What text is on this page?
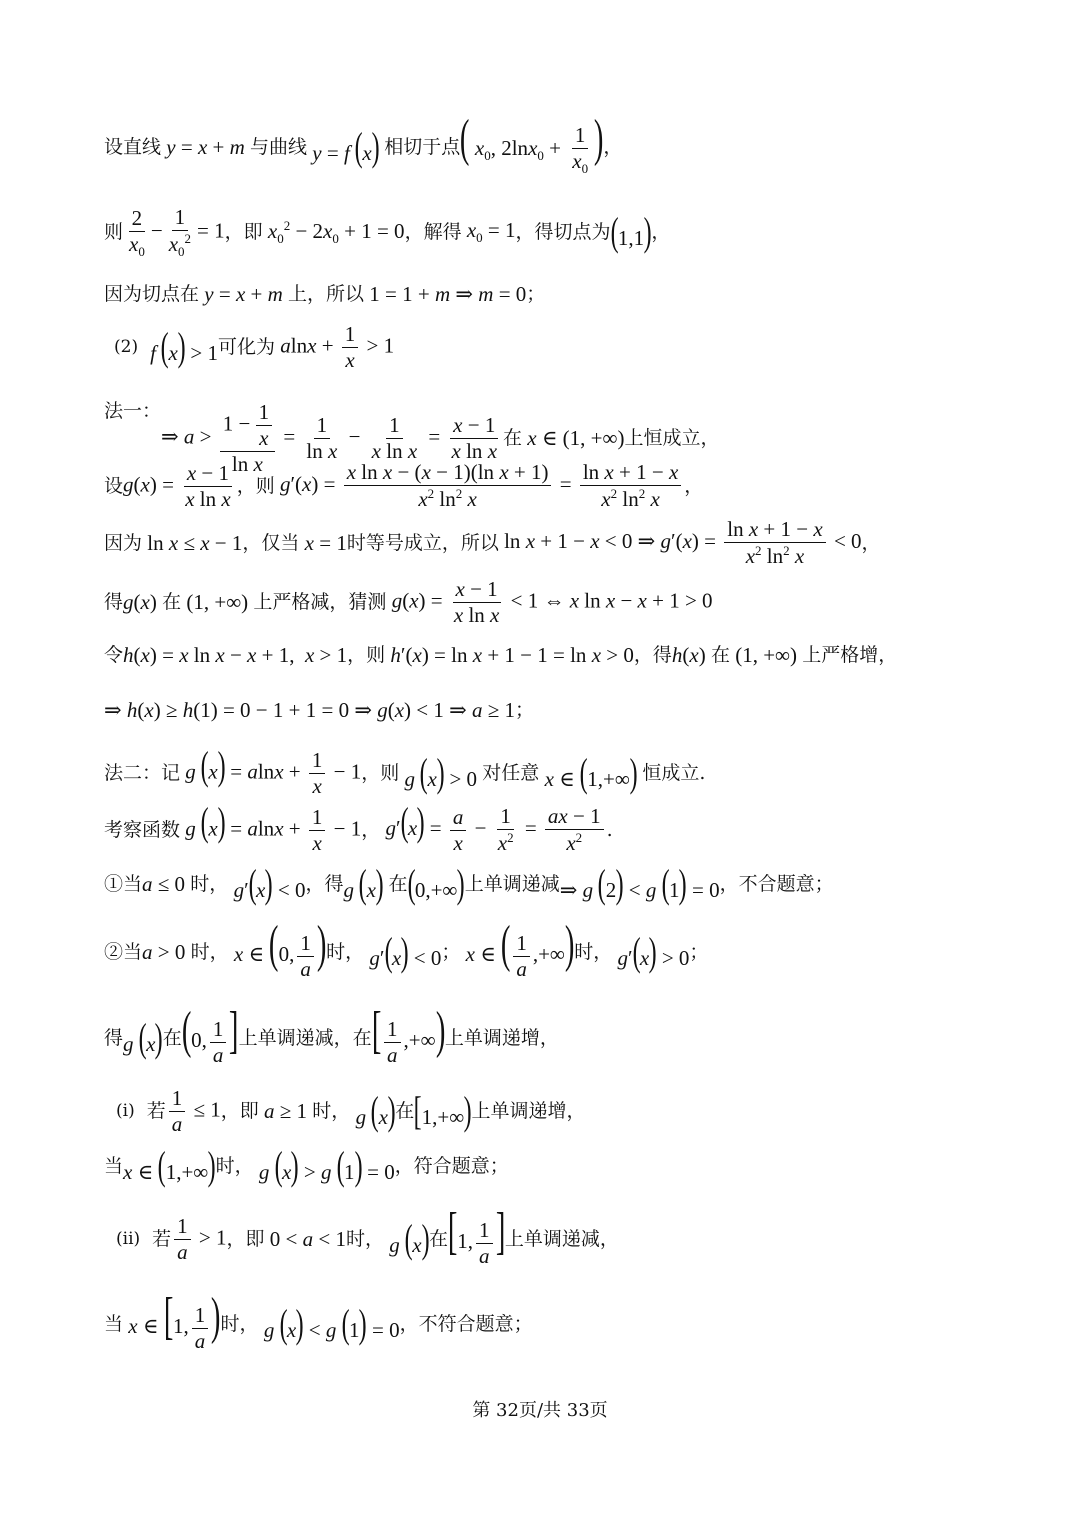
设直线 y = x + m 与曲线 y = f (x) 相切于点 ( $x_0$, $2\ln x_0 + \frac{1}{x_0}$ ) ，
则 $\frac{2}{x_0} - \frac{1}{x_0^2} = 1$ ，即 $x_0^2 - 2x_0 + 1 = 0$ ，解得 $x_0 = 1$ ，得切点为 (1,1) ，
因为切点在 y = x + m 上，所以 1 = 1 + m ⇒ m = 0 ；
(2) f (x) > 1 可化为 $alnx + \frac{1}{x} > 1$
法一：
⇒ $a > \frac{1 - \frac{1}{x}}{\text{ln x}} = \frac{1}{\text{ln x}} - \frac{1}{\text{x ln x}} = \frac{x - 1}{\text{x ln x}}$ 在 x ∈ (1, +∞) 上恒成立，
设 $g(x) = \frac{x - 1}{\text{x ln x}}$ ，则 $g'(x) = \frac{\text{x ln x − (x − 1)(ln x + 1)}}{x^2 \ln^2 x} = \frac{\text{ln x + 1 − x}}{x^2 \ln^2 x}$ ，
因为 ln x ≤ x − 1 ，仅当 x = 1 时等号成立，所以 ln x + 1 − x < 0 ⇒ $g'(x) = \frac{\text{ln x + 1 − x}}{x^2 \ln^2 x} < 0$ ，
得 g(x) 在 (1, +∞) 上严格减，猜测 $g(x) = \frac{x - 1}{\text{x ln x}} < 1$ ⇔ x ln x − x + 1 > 0
令 h(x) = x ln x − x + 1,  x > 1 ，则 h′(x) = ln x + 1 − 1 = ln x > 0 ，得 h(x) 在 (1, +∞) 上严格增，
⇒ h(x) ≥ h(1) = 0 − 1 + 1 = 0 ⇒ g(x) < 1 ⇒ a ≥ 1 ；
法二：记 g $(x) = alnx + \frac{1}{x} - 1$ ，则 g (x) > 0 对任意 x ∈ (1,+∞) 恒成立.
考察函数 g $(x) = alnx + \frac{1}{x} - 1$ ， $g'(x) = \frac{a}{x} - \frac{1}{x^2} = \frac{ax - 1}{x^2}$ .
①当 a ≤ 0 时， g′(x) < 0 ，得 g (x) 在 (0,+∞) 上单调递减 ⇒ g (2) < g (1) = 0 ，不合题意；
②当 a > 0 时， x ∈ (0, $\frac{1}{a}$ ) 时， g′(x) < 0 ； x ∈ ( $\frac{1}{a}$ ,+∞) 时， g′(x) > 0 ；
得 g (x) 在 (0, $\frac{1}{a}$ ] 上单调递减，在 [ $\frac{1}{a}$ ,+∞) 上单调递增，
(i) 若 $\frac{1}{a} \le 1$ ，即 a ≥ 1 时， g (x) 在 [1,+∞) 上单调递增，
当 x ∈ (1,+∞) 时， g (x) > g (1) = 0 ，符合题意；
(ii) 若 $\frac{1}{a} > 1$ ，即 0 < a < 1 时， g (x) 在 [1, $\frac{1}{a}$ ] 上单调递减，
当 x ∈ [1, $\frac{1}{a}$ ) 时， g (x) < g (1) = 0 ，不符合题意；
第 32页/共 33页
